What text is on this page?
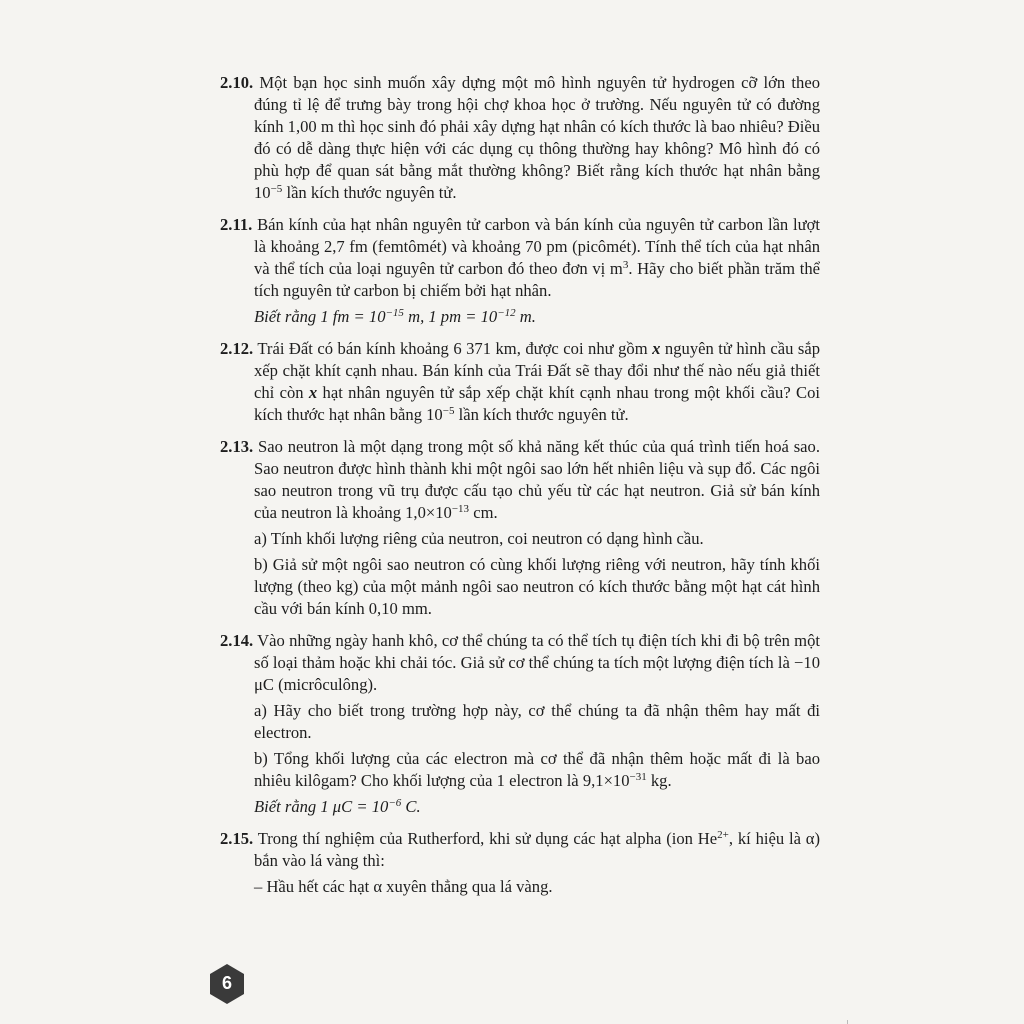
2.10. Một bạn học sinh muốn xây dựng một mô hình nguyên tử hydrogen cỡ lớn theo đúng tỉ lệ để trưng bày trong hội chợ khoa học ở trường. Nếu nguyên tử có đường kính 1,00 m thì học sinh đó phải xây dựng hạt nhân có kích thước là bao nhiêu? Điều đó có dễ dàng thực hiện với các dụng cụ thông thường hay không? Mô hình đó có phù hợp để quan sát bằng mắt thường không? Biết rằng kích thước hạt nhân bằng $10^{-5}$ lần kích thước nguyên tử.

2.11. Bán kính của hạt nhân nguyên tử carbon và bán kính của nguyên tử carbon lần lượt là khoảng 2,7 fm (femtômét) và khoảng 70 pm (picômét). Tính thể tích của hạt nhân và thể tích của loại nguyên tử carbon đó theo đơn vị $m^3$. Hãy cho biết phần trăm thể tích nguyên tử carbon bị chiếm bởi hạt nhân.

Biết rằng 1 fm = $10^{-15}$ m, 1 pm = $10^{-12}$ m.

2.12. Trái Đất có bán kính khoảng 6 371 km, được coi như gồm x nguyên tử hình cầu sắp xếp chặt khít cạnh nhau. Bán kính của Trái Đất sẽ thay đổi như thế nào nếu giả thiết chỉ còn x hạt nhân nguyên tử sắp xếp chặt khít cạnh nhau trong một khối cầu? Coi kích thước hạt nhân bằng $10^{-5}$ lần kích thước nguyên tử.

2.13. Sao neutron là một dạng trong một số khả năng kết thúc của quá trình tiến hoá sao. Sao neutron được hình thành khi một ngôi sao lớn hết nhiên liệu và sụp đổ. Các ngôi sao neutron trong vũ trụ được cấu tạo chủ yếu từ các hạt neutron. Giả sử bán kính của neutron là khoảng $1,0\times 10^{-13}$ cm.

a) Tính khối lượng riêng của neutron, coi neutron có dạng hình cầu.

b) Giả sử một ngôi sao neutron có cùng khối lượng riêng với neutron, hãy tính khối lượng (theo kg) của một mảnh ngôi sao neutron có kích thước bằng một hạt cát hình cầu với bán kính 0,10 mm.

2.14. Vào những ngày hanh khô, cơ thể chúng ta có thể tích tụ điện tích khi đi bộ trên một số loại thảm hoặc khi chải tóc. Giả sử cơ thể chúng ta tích một lượng điện tích là −10 μC (micrôculông).

a) Hãy cho biết trong trường hợp này, cơ thể chúng ta đã nhận thêm hay mất đi electron.

b) Tổng khối lượng của các electron mà cơ thể đã nhận thêm hoặc mất đi là bao nhiêu kilôgam? Cho khối lượng của 1 electron là $9,1\times 10^{-31}$ kg.

Biết rằng 1 $\mu C = 10^{-6}$ C.

2.15. Trong thí nghiệm của Rutherford, khi sử dụng các hạt alpha (ion $He^{2+}$, kí hiệu là α) bắn vào lá vàng thì:

– Hầu hết các hạt α xuyên thẳng qua lá vàng.

6
